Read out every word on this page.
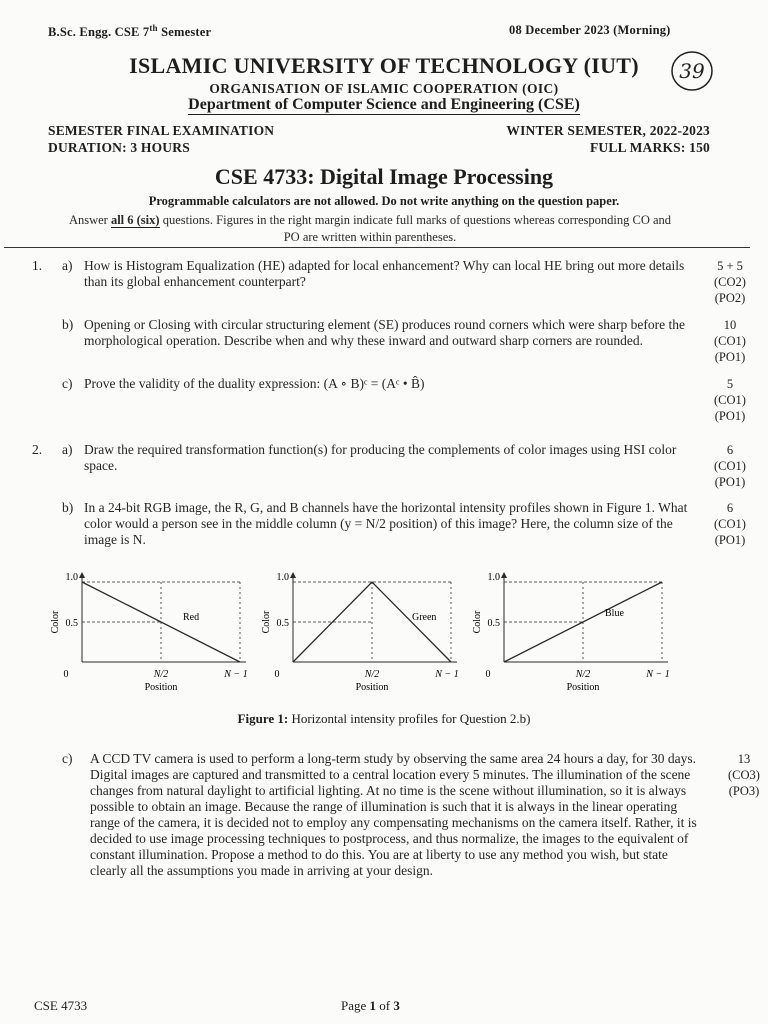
B.Sc. Engg. CSE 7th Semester	08 December 2023 (Morning)
39
ISLAMIC UNIVERSITY OF TECHNOLOGY (IUT)
ORGANISATION OF ISLAMIC COOPERATION (OIC)
Department of Computer Science and Engineering (CSE)
SEMESTER FINAL EXAMINATION	WINTER SEMESTER, 2022-2023
DURATION: 3 HOURS	FULL MARKS: 150
CSE 4733: Digital Image Processing
Programmable calculators are not allowed. Do not write anything on the question paper.
Answer all 6 (six) questions. Figures in the right margin indicate full marks of questions whereas corresponding CO and PO are written within parentheses.
1. a) How is Histogram Equalization (HE) adapted for local enhancement? Why can local HE bring out more details than its global enhancement counterpart?
5 + 5
(CO2)
(PO2)
b) Opening or Closing with circular structuring element (SE) produces round corners which were sharp before the morphological operation. Describe when and why these inward and outward sharp corners are rounded.
10
(CO1)
(PO1)
c) Prove the validity of the duality expression: (A ∘ B)ᶜ = (Aᶜ • B̂)	5
(CO1)
(PO1)
2. a) Draw the required transformation function(s) for producing the complements of color images using HSI color space.
6
(CO1)
(PO1)
b) In a 24-bit RGB image, the R, G, and B channels have the horizontal intensity profiles shown in Figure 1. What color would a person see in the middle column (y = N/2 position) of this image? Here, the column size of the image is N.
6
(CO1)
(PO1)
Red
1.0
0.5
Color
0	N/2	N − 1
Position
Green
1.0
0.5
Color
0	N/2	N − 1
Position
Blue
1.0
0.5
Color
0	N/2	N − 1
Position
Figure 1: Horizontal intensity profiles for Question 2.b)
c) A CCD TV camera is used to perform a long-term study by observing the same area 24 hours a day, for 30 days. Digital images are captured and transmitted to a central location every 5 minutes. The illumination of the scene changes from natural daylight to artificial lighting. At no time is the scene without illumination, so it is always possible to obtain an image. Because the range of illumination is such that it is always in the linear operating range of the camera, it is decided not to employ any compensating mechanisms on the camera itself. Rather, it is decided to use image processing techniques to postprocess, and thus normalize, the images to the equivalent of constant illumination. Propose a method to do this. You are at liberty to use any method you wish, but state clearly all the assumptions you made in arriving at your design.
13
(CO3)
(PO3)
CSE 4733	Page 1 of 3
